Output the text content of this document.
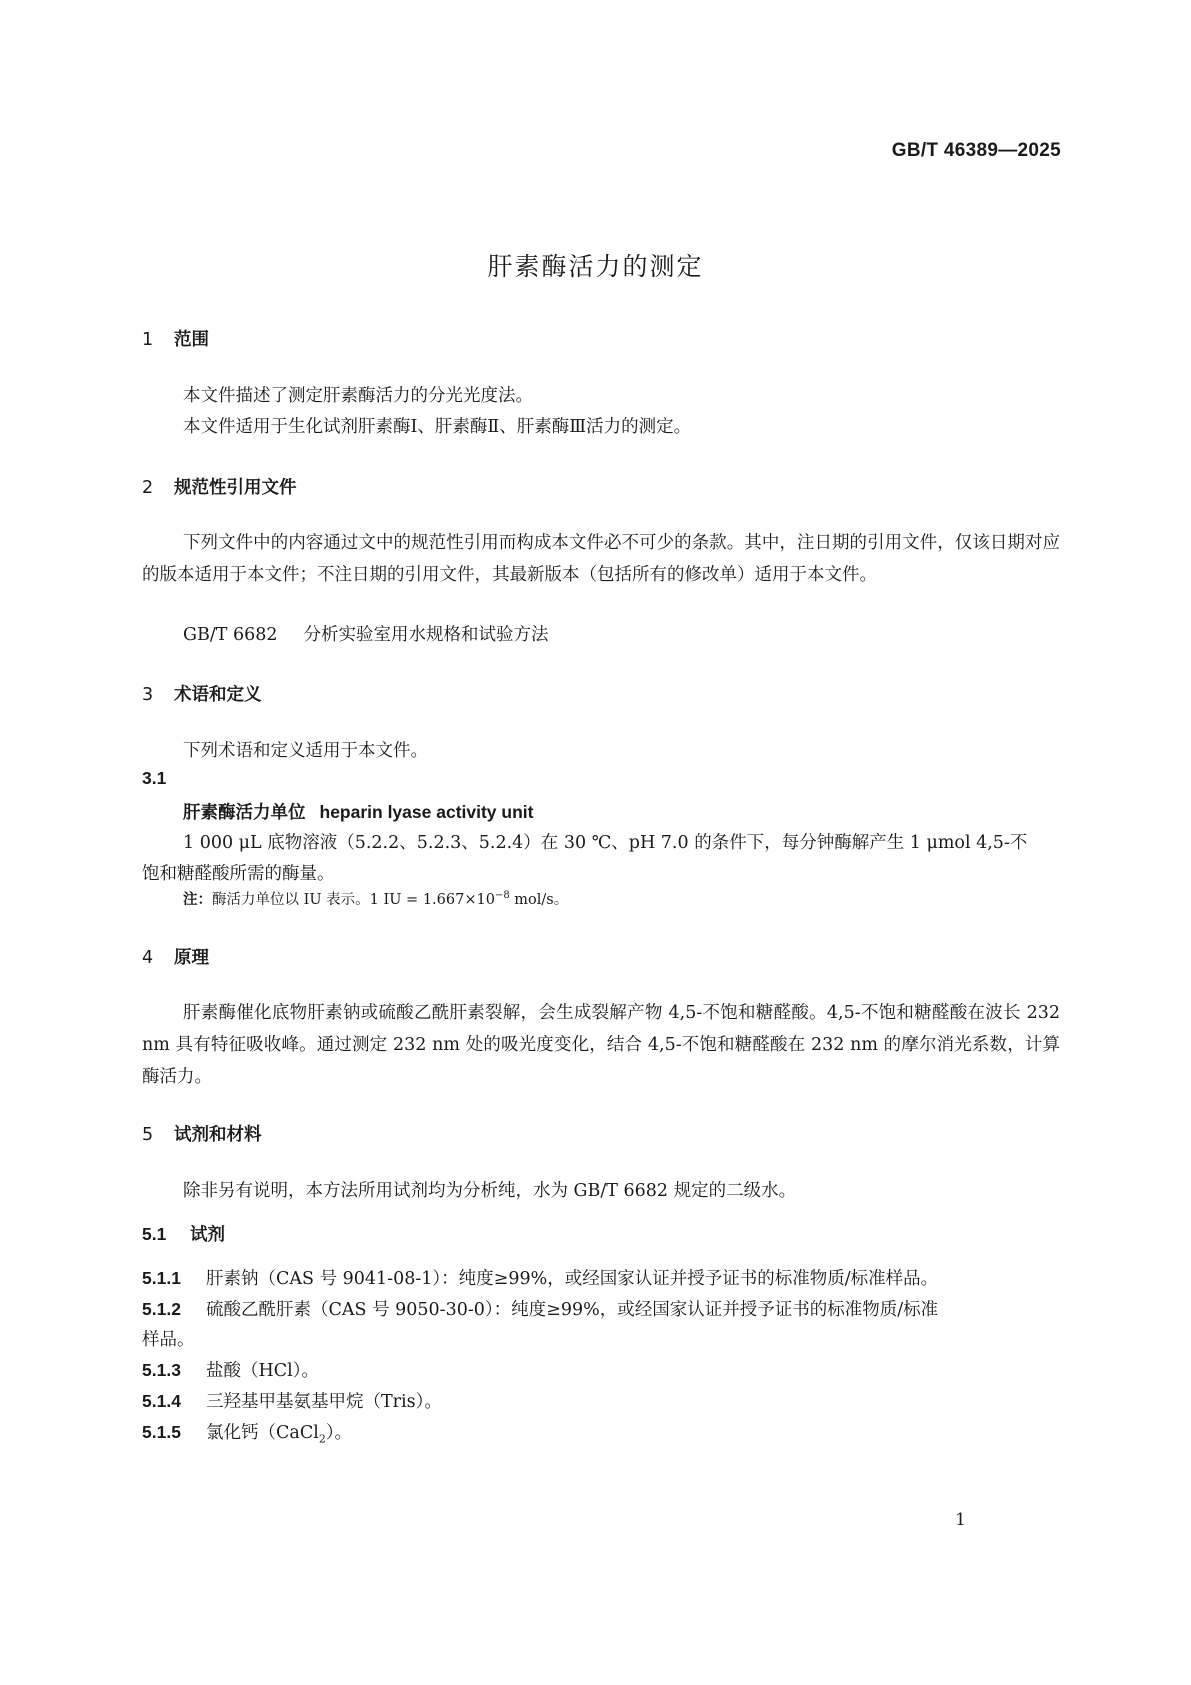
GB/T 46389—2025
肝素酶活力的测定
1 范围
本文件描述了测定肝素酶活力的分光光度法。
本文件适用于生化试剂肝素酶Ⅰ、肝素酶Ⅱ、肝素酶Ⅲ活力的测定。
2 规范性引用文件
下列文件中的内容通过文中的规范性引用而构成本文件必不可少的条款。其中，注日期的引用文件，仅该日期对应的版本适用于本文件；不注日期的引用文件，其最新版本（包括所有的修改单）适用于本文件。
GB/T 6682 分析实验室用水规格和试验方法
3 术语和定义
下列术语和定义适用于本文件。
3.1
肝素酶活力单位 heparin lyase activity unit
1 000 μL 底物溶液（5.2.2、5.2.3、5.2.4）在 30 ℃、pH 7.0 的条件下，每分钟酶解产生 1 μmol 4,5-不
饱和糖醛酸所需的酶量。
注：酶活力单位以 IU 表示。1 IU = $1.667\times 10^{-8}$ mol/s。
4 原理
肝素酶催化底物肝素钠或硫酸乙酰肝素裂解，会生成裂解产物 4,5-不饱和糖醛酸。4,5-不饱和糖醛酸在波长 232 nm 具有特征吸收峰。通过测定 232 nm 处的吸光度变化，结合 4,5-不饱和糖醛酸在 232 nm 的摩尔消光系数，计算酶活力。
5 试剂和材料
除非另有说明，本方法所用试剂均为分析纯，水为 GB/T 6682 规定的二级水。
5.1 试剂
5.1.1 肝素钠（CAS 号 9041-08-1）：纯度≥99%，或经国家认证并授予证书的标准物质/标准样品。
5.1.2 硫酸乙酰肝素（CAS 号 9050-30-0）：纯度≥99%，或经国家认证并授予证书的标准物质/标准
样品。
5.1.3 盐酸（HCl）。
5.1.4 三羟基甲基氨基甲烷（Tris）。
5.1.5 氯化钙（CaCl$_2$）。
1
